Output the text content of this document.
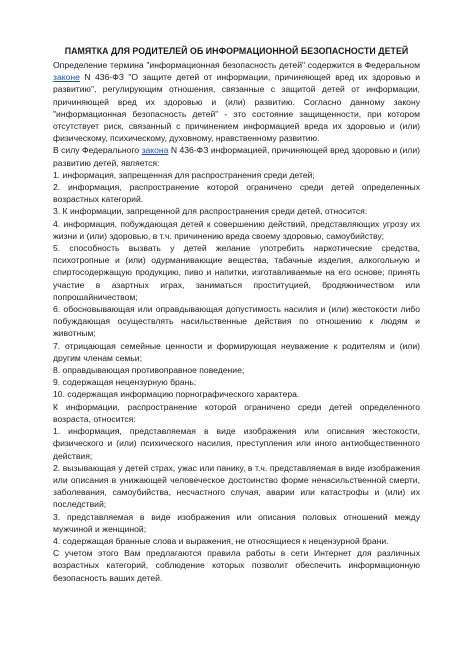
ПАМЯТКА ДЛЯ РОДИТЕЛЕЙ ОБ ИНФОРМАЦИОННОЙ БЕЗОПАСНОСТИ ДЕТЕЙ

Определение термина "информационная безопасность детей" содержится в Федеральном законе N 436-ФЗ "О защите детей от информации, причиняющей вред их здоровью и развитию", регулирующим отношения, связанные с защитой детей от информации, причиняющей вред их здоровью и (или) развитию. Согласно данному закону "информационная безопасность детей" - это состояние защищенности, при котором отсутствует риск, связанный с причинением информацией вреда их здоровью и (или) физическому, психическому, духовному, нравственному развитию.

В силу Федерального закона N 436-ФЗ информацией, причиняющей вред здоровью и (или) развитию детей, является:

1. информация, запрещенная для распространения среди детей;

2. информация, распространение которой ограничено среди детей определенных возрастных категорий.

3. К информации, запрещенной для распространения среди детей, относится:

4. информация, побуждающая детей к совершению действий, представляющих угрозу их жизни и (или) здоровью, в т.ч. причинению вреда своему здоровью, самоубийству;

5. способность вызвать у детей желание употребить наркотические средства, психотропные и (или) одурманивающие вещества, табачные изделия, алкогольную и спиртосодержащую продукцию, пиво и напитки, изготавливаемые на его основе; принять участие в азартных играх, заниматься проституцией, бродяжничеством или попрошайничеством;

6. обосновывающая или оправдывающая допустимость насилия и (или) жестокости либо побуждающая осуществлять насильственные действия по отношению к людям и животным;

7. отрицающая семейные ценности и формирующая неуважение к родителям и (или) другим членам семьи;

8. оправдывающая противоправное поведение;

9. содержащая нецензурную брань;

10. содержащая информацию порнографического характера.

К информации, распространение которой ограничено среди детей определенного возраста, относится:

1. информация, представляемая в виде изображения или описания жестокости, физического и (или) психического насилия, преступления или иного антиобщественного действия;

2. вызывающая у детей страх, ужас или панику, в т.ч. представляемая в виде изображения или описания в унижающей человеческое достоинство форме ненасильственной смерти, заболевания, самоубийства, несчастного случая, аварии или катастрофы и (или) их последствий;

3. представляемая в виде изображения или описания половых отношений между мужчиной и женщиной;

4. содержащая бранные слова и выражения, не относящиеся к нецензурной брани.

С учетом этого Вам предлагаются правила работы в сети Интернет для различных возрастных категорий, соблюдение которых позволит обеспечить информационную безопасность ваших детей.
